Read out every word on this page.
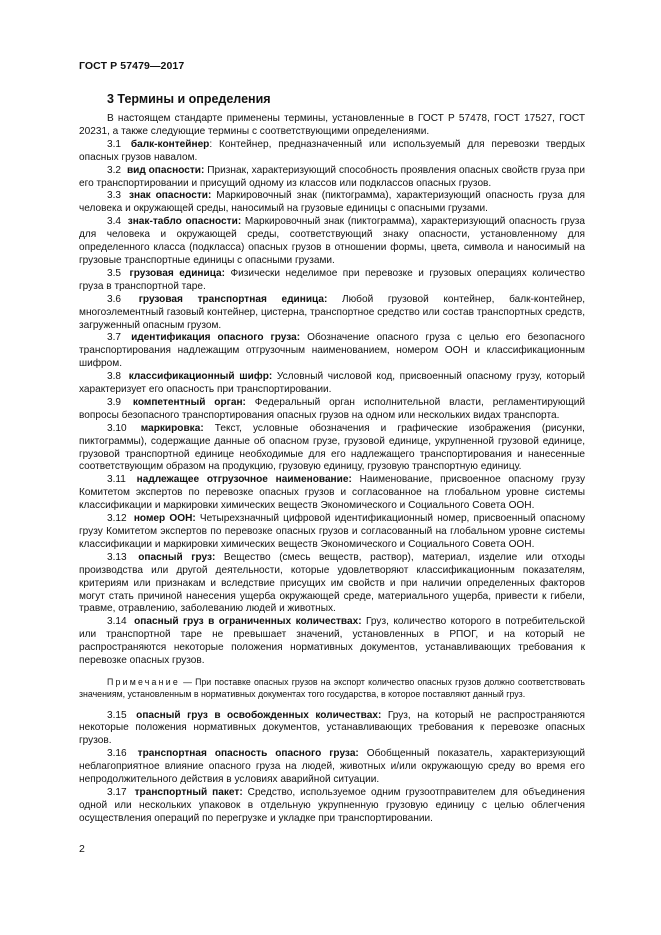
ГОСТ Р 57479—2017
3 Термины и определения

В настоящем стандарте применены термины, установленные в ГОСТ Р 57478, ГОСТ 17527, ГОСТ 20231, а также следующие термины с соответствующими определениями.

3.1 балк-контейнер: Контейнер, предназначенный или используемый для перевозки твердых опасных грузов навалом.

3.2 вид опасности: Признак, характеризующий способность проявления опасных свойств груза при его транспортировании и присущий одному из классов или подклассов опасных грузов.

3.3 знак опасности: Маркировочный знак (пиктограмма), характеризующий опасность груза для человека и окружающей среды, наносимый на грузовые единицы с опасными грузами.

3.4 знак-табло опасности: Маркировочный знак (пиктограмма), характеризующий опасность груза для человека и окружающей среды, соответствующий знаку опасности, установленному для определенного класса (подкласса) опасных грузов в отношении формы, цвета, символа и наносимый на грузовые транспортные единицы с опасными грузами.

3.5 грузовая единица: Физически неделимое при перевозке и грузовых операциях количество груза в транспортной таре.

3.6 грузовая транспортная единица: Любой грузовой контейнер, балк-контейнер, многоэлементный газовый контейнер, цистерна, транспортное средство или состав транспортных средств, загруженный опасным грузом.

3.7 идентификация опасного груза: Обозначение опасного груза с целью его безопасного транспортирования надлежащим отгрузочным наименованием, номером ООН и классификационным шифром.

3.8 классификационный шифр: Условный числовой код, присвоенный опасному грузу, который характеризует его опасность при транспортировании.

3.9 компетентный орган: Федеральный орган исполнительной власти, регламентирующий вопросы безопасного транспортирования опасных грузов на одном или нескольких видах транспорта.

3.10 маркировка: Текст, условные обозначения и графические изображения (рисунки, пиктограммы), содержащие данные об опасном грузе, грузовой единице, укрупненной грузовой единице, грузовой транспортной единице необходимые для его надлежащего транспортирования и нанесенные соответствующим образом на продукцию, грузовую единицу, грузовую транспортную единицу.

3.11 надлежащее отгрузочное наименование: Наименование, присвоенное опасному грузу Комитетом экспертов по перевозке опасных грузов и согласованное на глобальном уровне системы классификации и маркировки химических веществ Экономического и Социального Совета ООН.

3.12 номер ООН: Четырехзначный цифровой идентификационный номер, присвоенный опасному грузу Комитетом экспертов по перевозке опасных грузов и согласованный на глобальном уровне системы классификации и маркировки химических веществ Экономического и Социального Совета ООН.

3.13 опасный груз: Вещество (смесь веществ, раствор), материал, изделие или отходы производства или другой деятельности, которые удовлетворяют классификационным показателям, критериям или признакам и вследствие присущих им свойств и при наличии определенных факторов могут стать причиной нанесения ущерба окружающей среде, материального ущерба, привести к гибели, травме, отравлению, заболеванию людей и животных.

3.14 опасный груз в ограниченных количествах: Груз, количество которого в потребительской или транспортной таре не превышает значений, установленных в РПОГ, и на который не распространяются некоторые положения нормативных документов, устанавливающих требования к перевозке опасных грузов.

Примечание — При поставке опасных грузов на экспорт количество опасных грузов должно соответствовать значениям, установленным в нормативных документах того государства, в которое поставляют данный груз.

3.15 опасный груз в освобожденных количествах: Груз, на который не распространяются некоторые положения нормативных документов, устанавливающих требования к перевозке опасных грузов.

3.16 транспортная опасность опасного груза: Обобщенный показатель, характеризующий неблагоприятное влияние опасного груза на людей, животных и/или окружающую среду во время его непродолжительного действия в условиях аварийной ситуации.

3.17 транспортный пакет: Средство, используемое одним грузоотправителем для объединения одной или нескольких упаковок в отдельную укрупненную грузовую единицу с целью облегчения осуществления операций по перегрузке и укладке при транспортировании.

2
